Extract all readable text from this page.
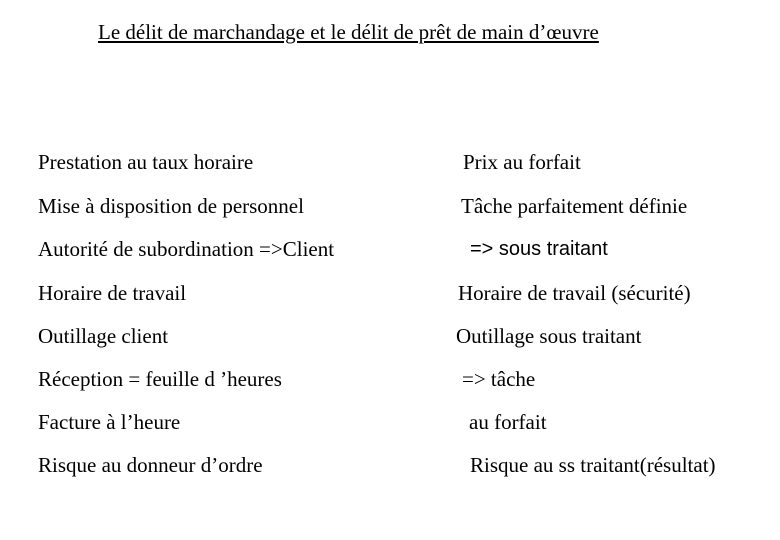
Le délit de marchandage et le délit de prêt de main d’œuvre
Prestation au taux horaire	Prix au forfait
Mise à disposition de personnel	Tâche parfaitement définie
Autorité de subordination =>Client	=> sous traitant
Horaire de travail	Horaire de travail (sécurité)
Outillage client	Outillage sous traitant
Réception = feuille d ’heures	=> tâche
Facture à l’heure	au forfait
Risque au donneur d’ordre	Risque au ss traitant(résultat)
